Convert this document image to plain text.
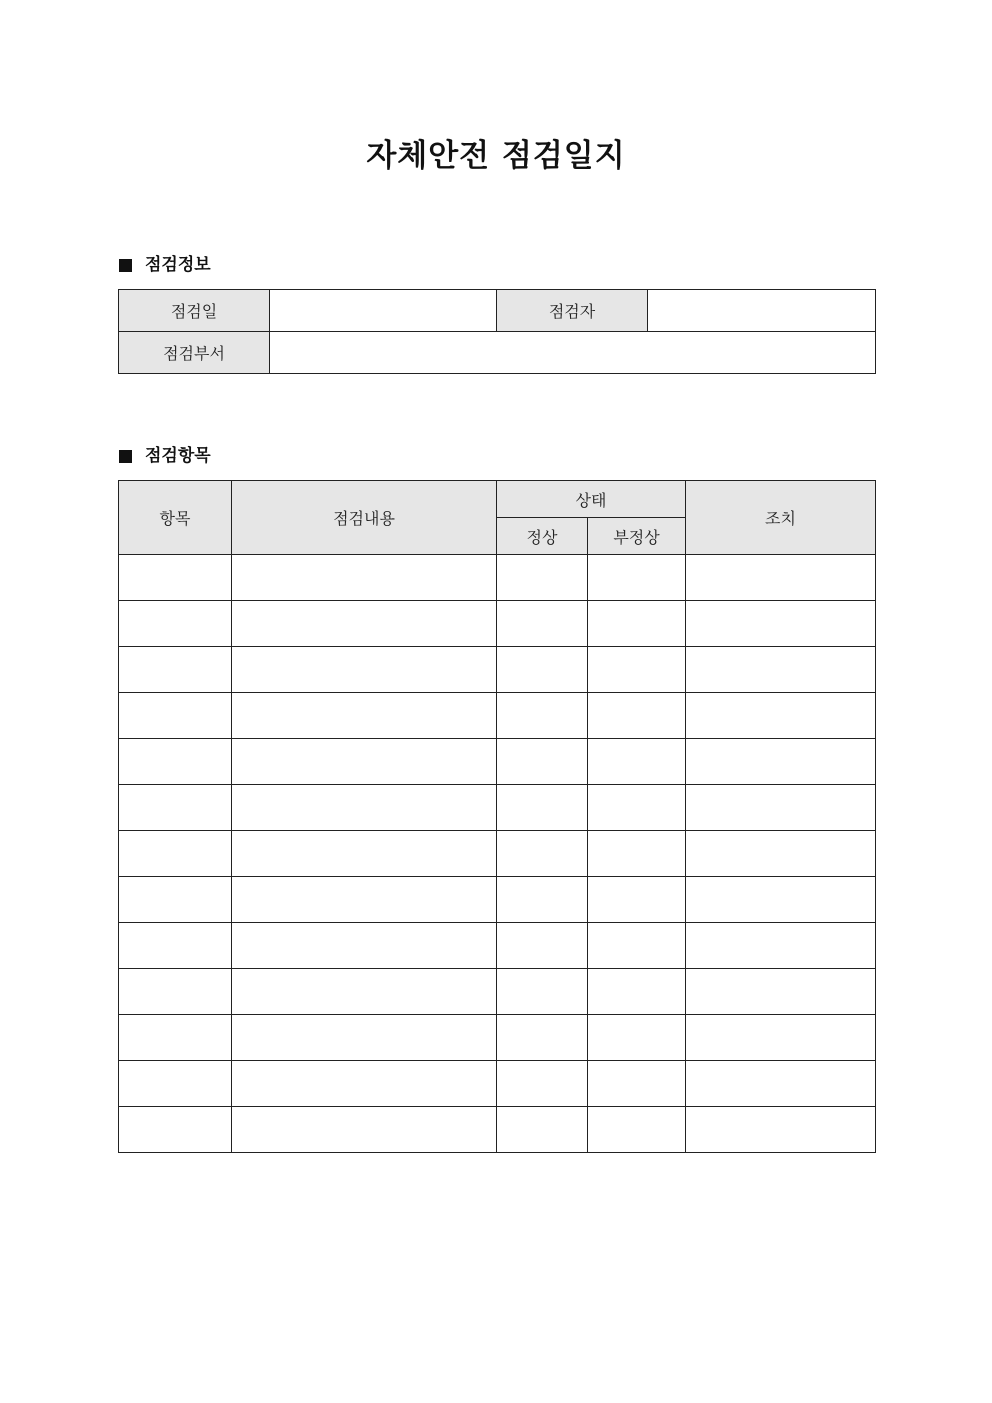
자체안전 점검일지
점검정보
점검일		점검자	
점검부서			
점검항목
항목	점검내용	상태		조치
		정상	부정상	
